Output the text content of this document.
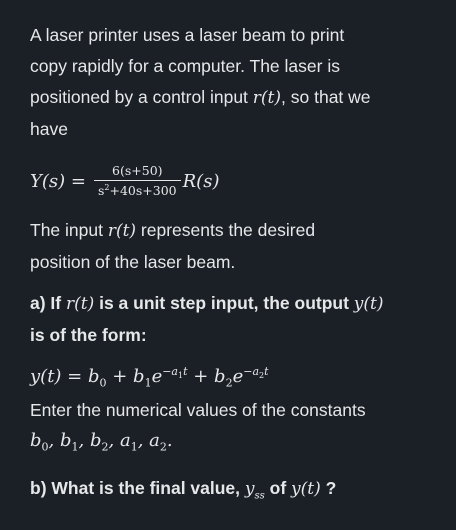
A laser printer uses a laser beam to print

copy rapidly for a computer. The laser is

positioned by a control input r(t), so that we

have

$Y(s) = \frac{6(s+50)}{s^2+40s+300} R(s)$

The input r(t) represents the desired

position of the laser beam.

a) If r(t) is a unit step input, the output y(t)

is of the form:

$y(t) = b_0 + b_1e^{-a_1t} + b_2e^{-a_2t}$

Enter the numerical values of the constants

$b_0$, $b_1$, $b_2$, $a_1$, $a_2$.

b) What is the final value, $y_{ss}$ of y(t) ?
